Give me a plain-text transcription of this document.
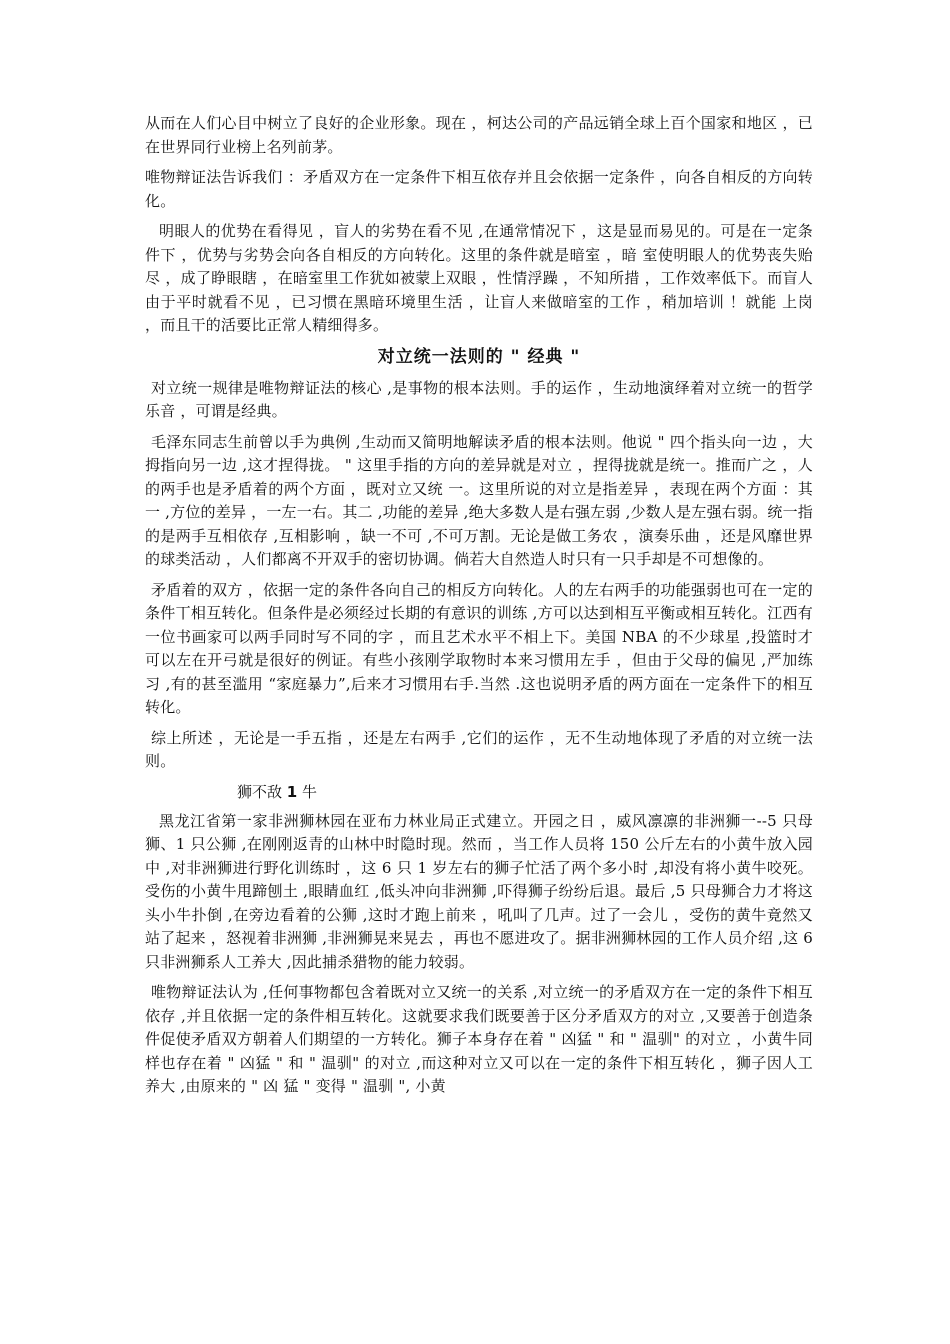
从而在人们心目中树立了良好的企业形象。现在 ，柯达公司的产品远销全球上百个国家和地区 ，已在世界同行业榜上名列前茅。

唯物辩证法告诉我们 ：矛盾双方在一定条件下相互依存并且会依据一定条件 ，向各自相反的方向转化。

明眼人的优势在看得见 ，盲人的劣势在看不见 ,在通常情况下 ，这是显而易见的。可是在一定条件下 ，优势与劣势会向各自相反的方向转化。这里的条件就是暗室 ，暗 室使明眼人的优势丧失贻尽 ，成了睁眼瞎 ，在暗室里工作犹如被蒙上双眼 ，性情浮躁 ，不知所措 ，工作效率低下。而盲人由于平时就看不见 ，已习惯在黑暗环境里生活 ，让盲人来做暗室的工作 ，稍加培训 ！就能 上岗 ，而且干的活要比正常人精细得多。

对立统一法则的 " 经典 "

对立统一规律是唯物辩证法的核心 ,是事物的根本法则。手的运作 ，生动地演绎着对立统一的哲学 乐音 ，可谓是经典。

毛泽东同志生前曾以手为典例 ,生动而又简明地解读矛盾的根本法则。他说 " 四个指头向一边 ，大拇指向另一边 ,这才捏得拢。 " 这里手指的方向的差异就是对立 ，捏得拢就是统一。推而广之 ，人的两手也是矛盾着的两个方面 ，既对立又统 一。这里所说的对立是指差异 ，表现在两个方面 ：其一 ,方位的差异 ，一左一右。其二 ,功能的差异 ,绝大多数人是右强左弱 ,少数人是左强右弱。统一指的是两手互相依存 ,互相影响 ，缺一不可 ,不可万割。无论是做工务农 ，演奏乐曲 ，还是风靡世界的球类活动 ，人们都离不开双手的密切协调。倘若大自然造人时只有一只手却是不可想像的。

矛盾着的双方 ，依据一定的条件各向自己的相反方向转化。人的左右两手的功能强弱也可在一定的条件丅相互转化。但条件是必须经过长期的有意识的训练 ,方可以达到相互平衡或相互转化。江西有一位书画家可以两手同时写不同的字 ，而且艺术水平不相上下。美国 NBA 的不少球星 ,投篮时才可以左在开弓就是很好的例证。有些小孩刚学取物时本来习惯用左手 ，但由于父母的偏见 ,严加练习 ,有的甚至滥用 “家庭暴力”,后来才习惯用右手.当然 .这也说明矛盾的两方面在一定条件下的相互转化。

综上所述 ，无论是一手五指 ，还是左右两手 ,它们的运作 ，无不生动地体现了矛盾的对立统一法则。

狮不敌 1 牛

黑龙江省第一家非洲狮林园在亚布力林业局正式建立。开园之日 ，威风凛凛的非洲狮一--5 只母狮、1 只公狮 ,在刚刚返青的山林中时隐时现。然而 ，当工作人员将 150 公斤左右的小黄牛放入园中 ,对非洲狮进行野化训练时 ，这 6 只 1 岁左右的狮子忙活了两个多小时 ,却没有将小黄牛咬死。受伤的小黄牛甩蹄刨土 ,眼睛血红 ,低头冲向非洲狮 ,吓得狮子纷纷后退。最后 ,5 只母狮合力才将这头小牛扑倒 ,在旁边看着的公狮 ,这时才跑上前来 ，吼叫了几声。过了一会儿 ，受伤的黄牛竟然又站了起来 ，怒视着非洲狮 ,非洲狮晃来晃去 ，再也不愿进攻了。据非洲狮林园的工作人员介绍 ,这 6 只非洲狮系人工养大 ,因此捕杀猎物的能力较弱。

唯物辩证法认为 ,任何事物都包含着既对立又统一的关系 ,对立统一的矛盾双方在一定的条件下相互依存 ,并且依据一定的条件相互转化。这就要求我们既要善于区分矛盾双方的对立 ,又要善于创造条件促使矛盾双方朝着人们期望的一方转化。狮子本身存在着 " 凶猛 " 和 " 温驯" 的对立 ，小黄牛同样也存在着 " 凶猛 " 和 " 温驯" 的对立 ,而这种对立又可以在一定的条件下相互转化 ，狮子因人工养大 ,由原来的 " 凶 猛 " 变得 " 温驯 ", 小黄
